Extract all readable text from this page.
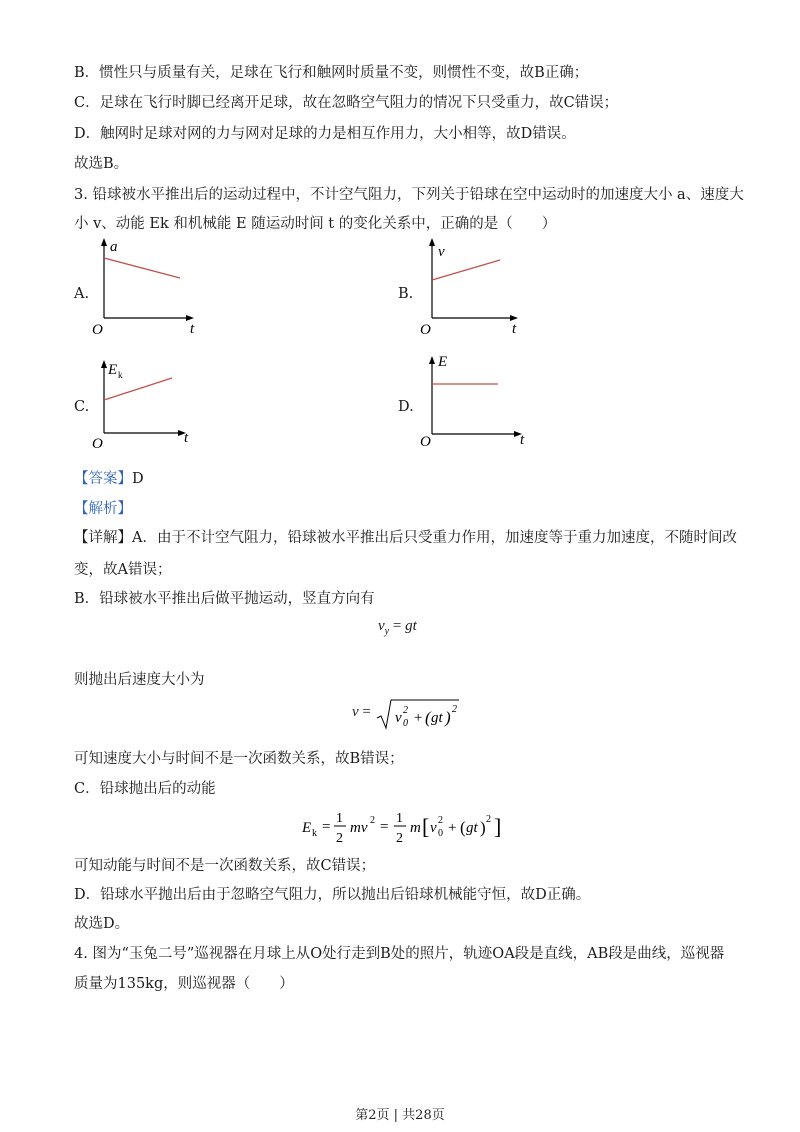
B．惯性只与质量有关，足球在飞行和触网时质量不变，则惯性不变，故B正确；
C．足球在飞行时脚已经离开足球，故在忽略空气阻力的情况下只受重力，故C错误；
D．触网时足球对网的力与网对足球的力是相互作用力，大小相等，故D错误。
故选B。
3. 铅球被水平推出后的运动过程中，不计空气阻力，下列关于铅球在空中运动时的加速度大小 a、速度大
小 v、动能 Ek 和机械能 E 随运动时间 t 的变化关系中，正确的是（　　）
A.
a
t
O
B.
v
t
O
C.
E k
t
O
D.
E
t
O
【答案】D
【解析】
【详解】A．由于不计空气阻力，铅球被水平推出后只受重力作用，加速度等于重力加速度，不随时间改
变，故A错误；
B．铅球被水平推出后做平抛运动，竖直方向有
$v_y$ = gt
则抛出后速度大小为
v = v 2
0 + ( gt ) 2
可知速度大小与时间不是一次函数关系，故B错误；
C．铅球抛出后的动能
E k =
1
2
mv 2 =
1
2
m [ v 2
0 + ( gt ) 2 ]
可知动能与时间不是一次函数关系，故C错误；
D．铅球水平抛出后由于忽略空气阻力，所以抛出后铅球机械能守恒，故D正确。
故选D。
4. 图为“玉兔二号”巡视器在月球上从O处行走到B处的照片，轨迹OA段是直线，AB段是曲线，巡视器
质量为135kg，则巡视器（　　）
第2页 | 共28页
